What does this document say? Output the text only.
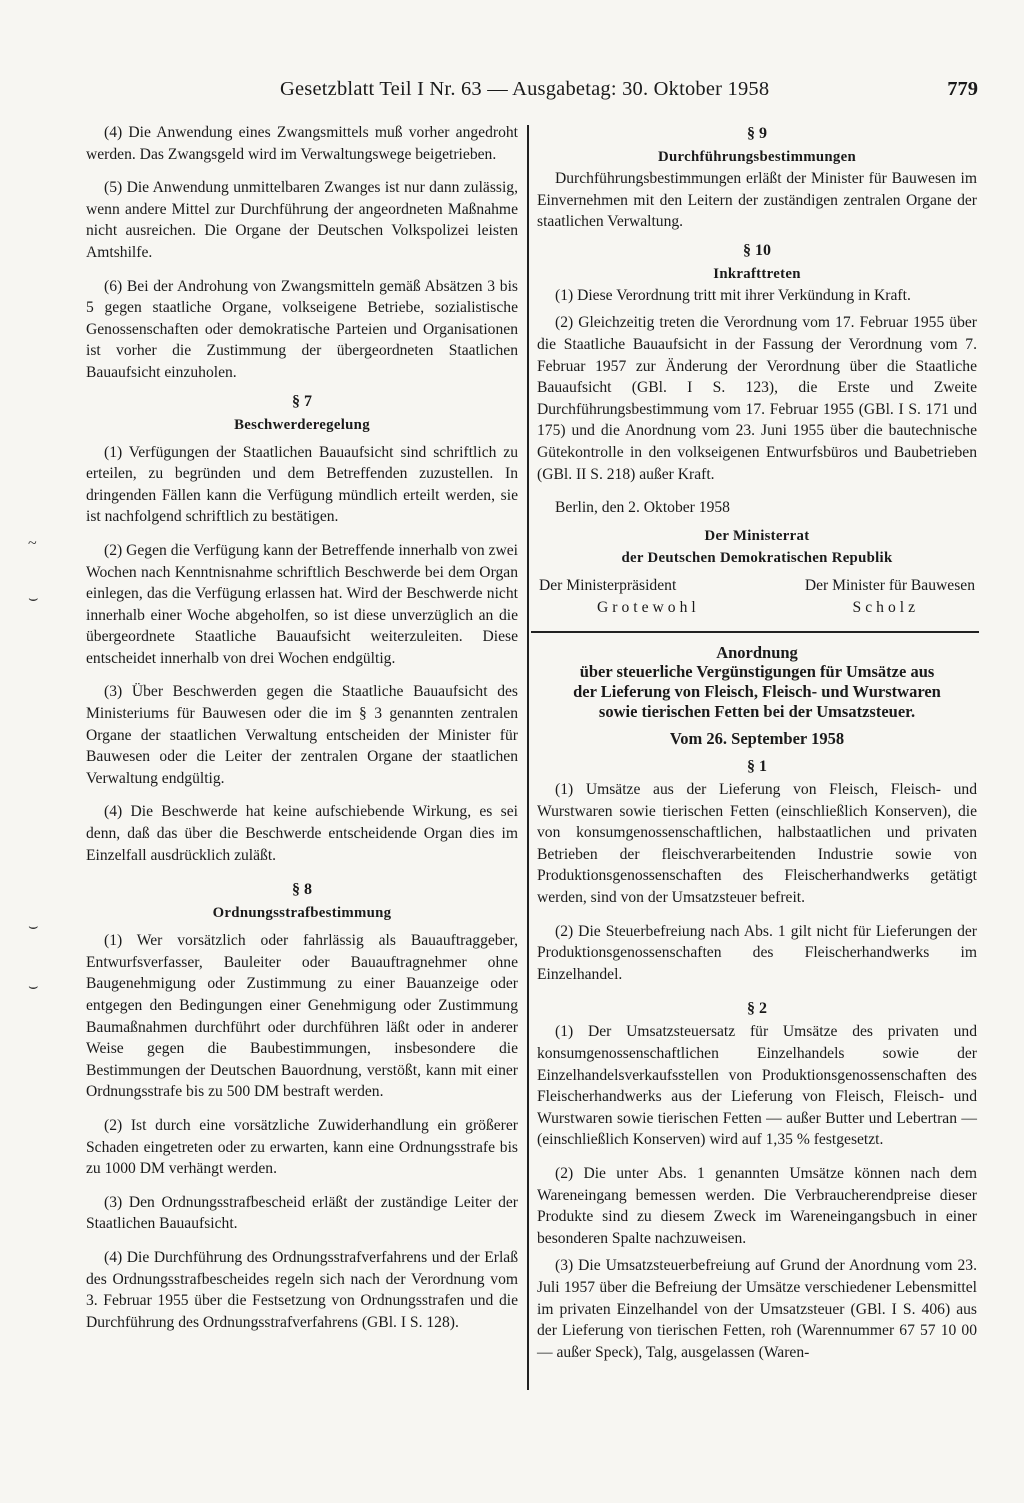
Gesetzblatt Teil I Nr. 63 — Ausgabetag: 30. Oktober 1958	779
~
⌣
⌣
⌣

(4) Die Anwendung eines Zwangsmittels muß vorher angedroht werden. Das Zwangsgeld wird im Verwaltungswege beigetrieben.

(5) Die Anwendung unmittelbaren Zwanges ist nur dann zulässig, wenn andere Mittel zur Durchführung der angeordneten Maßnahme nicht ausreichen. Die Organe der Deutschen Volkspolizei leisten Amtshilfe.

(6) Bei der Androhung von Zwangsmitteln gemäß Absätzen 3 bis 5 gegen staatliche Organe, volkseigene Betriebe, sozialistische Genossenschaften oder demokratische Parteien und Organisationen ist vorher die Zustimmung der übergeordneten Staatlichen Bauaufsicht einzuholen.

§ 7

Beschwerderegelung

(1) Verfügungen der Staatlichen Bauaufsicht sind schriftlich zu erteilen, zu begründen und dem Betreffenden zuzustellen. In dringenden Fällen kann die Verfügung mündlich erteilt werden, sie ist nachfolgend schriftlich zu bestätigen.

(2) Gegen die Verfügung kann der Betreffende innerhalb von zwei Wochen nach Kenntnisnahme schriftlich Beschwerde bei dem Organ einlegen, das die Verfügung erlassen hat. Wird der Beschwerde nicht innerhalb einer Woche abgeholfen, so ist diese unverzüglich an die übergeordnete Staatliche Bauaufsicht weiterzuleiten. Diese entscheidet innerhalb von drei Wochen endgültig.

(3) Über Beschwerden gegen die Staatliche Bauaufsicht des Ministeriums für Bauwesen oder die im § 3 genannten zentralen Organe der staatlichen Verwaltung entscheiden der Minister für Bauwesen oder die Leiter der zentralen Organe der staatlichen Verwaltung endgültig.

(4) Die Beschwerde hat keine aufschiebende Wirkung, es sei denn, daß das über die Beschwerde entscheidende Organ dies im Einzelfall ausdrücklich zuläßt.

§ 8

Ordnungsstrafbestimmung

(1) Wer vorsätzlich oder fahrlässig als Bauauftraggeber, Entwurfsverfasser, Bauleiter oder Bauauftragnehmer ohne Baugenehmigung oder Zustimmung zu einer Bauanzeige oder entgegen den Bedingungen einer Genehmigung oder Zustimmung Baumaßnahmen durchführt oder durchführen läßt oder in anderer Weise gegen die Baubestimmungen, insbesondere die Bestimmungen der Deutschen Bauordnung, verstößt, kann mit einer Ordnungsstrafe bis zu 500 DM bestraft werden.

(2) Ist durch eine vorsätzliche Zuwiderhandlung ein größerer Schaden eingetreten oder zu erwarten, kann eine Ordnungsstrafe bis zu 1000 DM verhängt werden.

(3) Den Ordnungsstrafbescheid erläßt der zuständige Leiter der Staatlichen Bauaufsicht.

(4) Die Durchführung des Ordnungsstrafverfahrens und der Erlaß des Ordnungsstrafbescheides regeln sich nach der Verordnung vom 3. Februar 1955 über die Festsetzung von Ordnungsstrafen und die Durchführung des Ordnungsstrafverfahrens (GBl. I S. 128).

§ 9

Durchführungsbestimmungen

Durchführungsbestimmungen erläßt der Minister für Bauwesen im Einvernehmen mit den Leitern der zuständigen zentralen Organe der staatlichen Verwaltung.

§ 10

Inkrafttreten

(1) Diese Verordnung tritt mit ihrer Verkündung in Kraft.

(2) Gleichzeitig treten die Verordnung vom 17. Februar 1955 über die Staatliche Bauaufsicht in der Fassung der Verordnung vom 7. Februar 1957 zur Änderung der Verordnung über die Staatliche Bauaufsicht (GBl. I S. 123), die Erste und Zweite Durchführungsbestimmung vom 17. Februar 1955 (GBl. I S. 171 und 175) und die Anordnung vom 23. Juni 1955 über die bautechnische Gütekontrolle in den volkseigenen Entwurfsbüros und Baubetrieben (GBl. II S. 218) außer Kraft.

Berlin, den 2. Oktober 1958

Der Ministerrat

der Deutschen Demokratischen Republik

Der Ministerpräsident	Der Minister für Bauwesen
Grotewohl	Scholz

Anordnung

über steuerliche Vergünstigungen für Umsätze aus

der Lieferung von Fleisch, Fleisch- und Wurstwaren

sowie tierischen Fetten bei der Umsatzsteuer.

Vom 26. September 1958

§ 1

(1) Umsätze aus der Lieferung von Fleisch, Fleisch- und Wurstwaren sowie tierischen Fetten (einschließlich Konserven), die von konsumgenossenschaftlichen, halbstaatlichen und privaten Betrieben der fleischverarbeitenden Industrie sowie von Produktionsgenossenschaften des Fleischerhandwerks getätigt werden, sind von der Umsatzsteuer befreit.

(2) Die Steuerbefreiung nach Abs. 1 gilt nicht für Lieferungen der Produktionsgenossenschaften des Fleischerhandwerks im Einzelhandel.

§ 2

(1) Der Umsatzsteuersatz für Umsätze des privaten und konsumgenossenschaftlichen Einzelhandels sowie der Einzelhandelsverkaufsstellen von Produktionsgenossenschaften des Fleischerhandwerks aus der Lieferung von Fleisch, Fleisch- und Wurstwaren sowie tierischen Fetten — außer Butter und Lebertran — (einschließlich Konserven) wird auf 1,35 % festgesetzt.

(2) Die unter Abs. 1 genannten Umsätze können nach dem Wareneingang bemessen werden. Die Verbraucherendpreise dieser Produkte sind zu diesem Zweck im Wareneingangsbuch in einer besonderen Spalte nachzuweisen.

(3) Die Umsatzsteuerbefreiung auf Grund der Anordnung vom 23. Juli 1957 über die Befreiung der Umsätze verschiedener Lebensmittel im privaten Einzelhandel von der Umsatzsteuer (GBl. I S. 406) aus der Lieferung von tierischen Fetten, roh (Warennummer 67 57 10 00 — außer Speck), Talg, ausgelassen (Waren-
